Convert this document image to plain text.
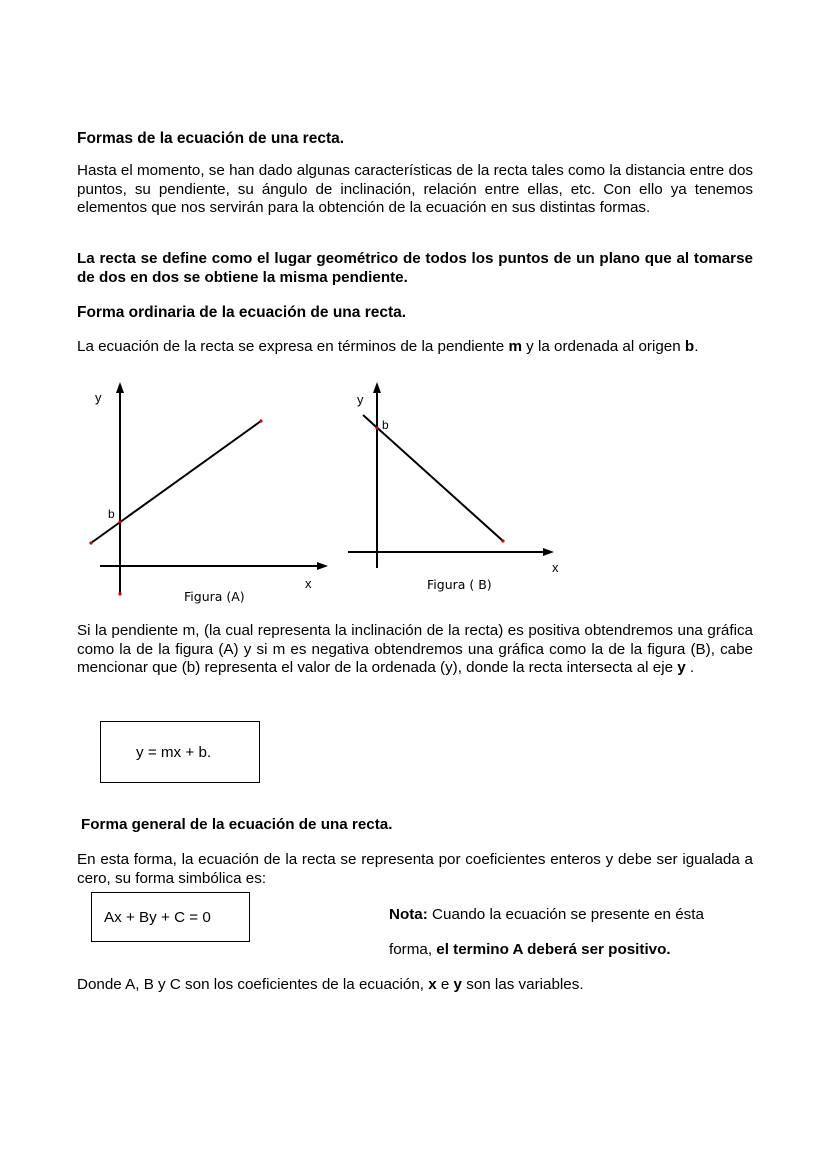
Formas de la ecuación de una recta.
Hasta el momento, se han dado algunas características de la recta tales como la distancia entre dos puntos, su pendiente, su ángulo de inclinación, relación entre ellas, etc. Con ello ya tenemos elementos que nos servirán para la obtención de la ecuación en sus distintas formas.
La recta se define como el lugar geométrico de todos los puntos de un plano que al tomarse de dos en dos se obtiene la misma pendiente.
Forma ordinaria de la ecuación de una recta.
La ecuación de la recta se expresa en términos de la pendiente m y la ordenada al origen b.
y
b
x
Figura (A)
y
b
x
Figura ( B)
Si la pendiente m, (la cual representa la inclinación de la recta) es positiva obtendremos una gráfica como la de la figura (A) y si m es negativa obtendremos una gráfica como la de la figura (B), cabe mencionar que (b) representa el valor de la ordenada (y), donde la recta intersecta al eje y .
y = mx + b.
Forma general de la ecuación de una recta.
En esta forma, la ecuación de la recta se representa por coeficientes enteros y debe ser igualada a cero, su forma simbólica es:
Ax + By + C = 0	Nota: Cuando la ecuación se presente en ésta
forma, el termino A deberá ser positivo.
Donde A, B y C son los coeficientes de la ecuación, x e y son las variables.
